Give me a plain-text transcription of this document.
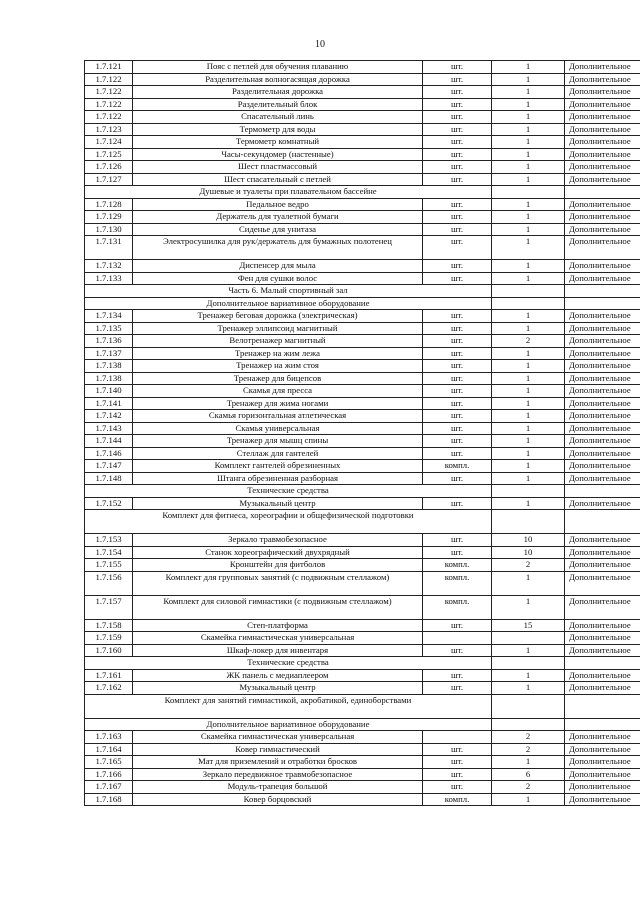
10
1.7.121	Пояс с петлей для обучения плаванию	шт.	1	Дополнительное
1.7.122	Разделительная волногасящая дорожка	шт.	1	Дополнительное
1.7.122	Разделительная дорожка	шт.	1	Дополнительное
1.7.122	Разделительный блок	шт.	1	Дополнительное
1.7.122	Спасательный линь	шт.	1	Дополнительное
1.7.123	Термометр для воды	шт.	1	Дополнительное
1.7.124	Термометр комнатный	шт.	1	Дополнительное
1.7.125	Часы-секундомер (настенные)	шт.	1	Дополнительное
1.7.126	Шест пластмассовый	шт.	1	Дополнительное
1.7.127	Шест спасательный с петлей	шт.	1	Дополнительное
Душевые и туалеты при плавательном бассейне				
1.7.128	Педальное ведро	шт.	1	Дополнительное
1.7.129	Держатель для туалетной бумаги	шт.	1	Дополнительное
1.7.130	Сиденье для унитаза	шт.	1	Дополнительное
1.7.131	Электросушилка для рук/держатель для бумажных полотенец	шт.	1	Дополнительное
1.7.132	Диспенсер для мыла	шт.	1	Дополнительное
1.7.133	Фен для сушки волос	шт.	1	Дополнительное
Часть 6. Малый спортивный зал				
Дополнительное вариативное оборудование				
1.7.134	Тренажер беговая дорожка (электрическая)	шт.	1	Дополнительное
1.7.135	Тренажер эллипсоид магнитный	шт.	1	Дополнительное
1.7.136	Велотренажер магнитный	шт.	2	Дополнительное
1.7.137	Тренажер на жим лежа	шт.	1	Дополнительное
1.7.138	Тренажер на жим стоя	шт.	1	Дополнительное
1.7.138	Тренажер для бицепсов	шт.	1	Дополнительное
1.7.140	Скамья для пресса	шт.	1	Дополнительное
1.7.141	Тренажер для жима ногами	шт.	1	Дополнительное
1.7.142	Скамья горизонтальная атлетическая	шт.	1	Дополнительное
1.7.143	Скамья универсальная	шт.	1	Дополнительное
1.7.144	Тренажер для мышц спины	шт.	1	Дополнительное
1.7.146	Стеллаж для гантелей	шт.	1	Дополнительное
1.7.147	Комплект гантелей обрезиненных	компл.	1	Дополнительное
1.7.148	Штанга обрезиненная разборная	шт.	1	Дополнительное
Технические средства				
1.7.152	Музыкальный центр	шт.	1	Дополнительное
Комплект для фитнеса, хореографии и общефизической подготовки				
1.7.153	Зеркало травмобезопасное	шт.	10	Дополнительное
1.7.154	Станок хореографический двухрядный	шт.	10	Дополнительное
1.7.155	Кронштейн для фитболов	компл.	2	Дополнительное
1.7.156	Комплект для групповых занятий (с подвижным стеллажом)	компл.	1	Дополнительное
1.7.157	Комплект для силовой гимнастики (с подвижным стеллажом)	компл.	1	Дополнительное
1.7.158	Степ-платформа	шт.	15	Дополнительное
1.7.159	Скамейка гимнастическая универсальная			Дополнительное
1.7.160	Шкаф-локер для инвентаря	шт.	1	Дополнительное
Технические средства				
1.7.161	ЖК панель с медиаплеером	шт.	1	Дополнительное
1.7.162	Музыкальный центр	шт.	1	Дополнительное
Комплект для занятий гимнастикой, акробатикой, единоборствами				
Дополнительное вариативное оборудование				
1.7.163	Скамейка гимнастическая универсальная		2	Дополнительное
1.7.164	Ковер гимнастический	шт.	2	Дополнительное
1.7.165	Мат для приземлений и отработки бросков	шт.	1	Дополнительное
1.7.166	Зеркало передвижное травмобезопасное	шт.	6	Дополнительное
1.7.167	Модуль-трапеция большой	шт.	2	Дополнительное
1.7.168	Ковер борцовский	компл.	1	Дополнительное
